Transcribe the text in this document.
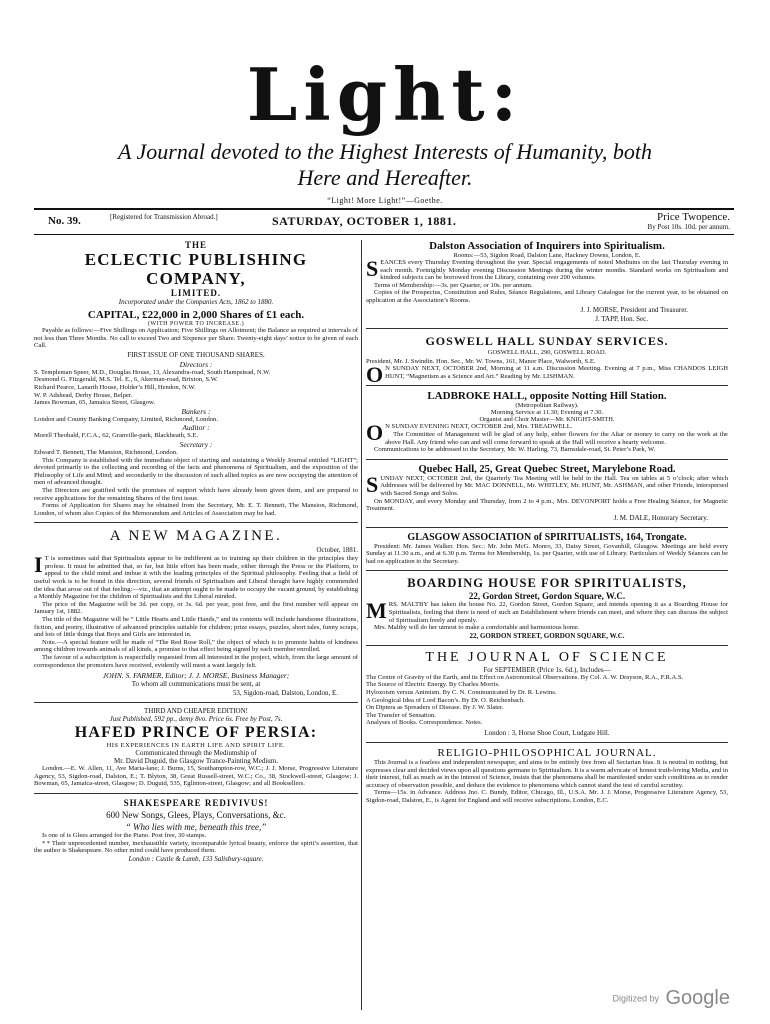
Light:
A Journal devoted to the Highest Interests of Humanity, both
Here and Hereafter.
“Light! More Light!”—Goethe.
No. 39.	[Registered for Transmission Abroad.]	SATURDAY, OCTOBER 1, 1881.	Price Twopence.
By Post 10s. 10d. per annum.
THE
ECLECTIC PUBLISHING COMPANY,
LIMITED.
Incorporated under the Companies Acts, 1862 to 1880.
CAPITAL, £22,000 in 2,000 Shares of £1 each.
(WITH POWER TO INCREASE.)

Payable as follows:—Five Shillings on Application; Five Shillings on Allotment; the Balance as required at intervals of not less than Three Months. No call to exceed Two and Sixpence per Share. Twenty-eight days’ notice to be given of each Call.

FIRST ISSUE OF ONE THOUSAND SHARES.
Directors :
S. Templeman Speer, M.D., Douglas House, 13, Alexandra-road, South Hampstead, N.W.
Desmond G. Fitzgerald, M.S. Tel. E., 6, Akerman-road, Brixton, S.W.
Richard Pearce, Lanarth House, Holder’s Hill, Hendon, N.W.
W. P. Adshead, Derby House, Belper.
James Bowman, 65, Jamaica Street, Glasgow.
Bankers :
London and County Banking Company, Limited, Richmond, London.
Auditor :
Morell Theobald, F.C.A., 62, Granville-park, Blackheath, S.E.
Secretary :
Edward T. Bennett, The Mansion, Richmond, London.

This Company is established with the immediate object of starting and sustaining a Weekly Journal entitled “LIGHT”; devoted primarily to the collecting and recording of the facts and phenomena of Spiritualism, and the exposition of the Philosophy of Life and Mind; and secondarily to the discussion of such allied topics as are now occupying the attention of men of advanced thought.

The Directors are gratified with the promises of support which have already been given them, and are prepared to receive applications for the remaining Shares of the first issue.

Forms of Application for Shares may be obtained from the Secretary, Mr. E. T. Bennett, The Mansion, Richmond, London, of whom also Copies of the Memorandum and Articles of Association may be had.

A NEW MAGAZINE.
October, 1881.

I T is sometimes said that Spiritualists appear to be indifferent as to training up their children in the principles they profess. It must be admitted that, so far, but little effort has been made, either through the Press or the Platform, to appeal to the child mind and imbue it with the leading principles of the Spiritual philosophy. Feeling that a field of useful work is to be found in this direction, several friends of Spiritualism and Liberal thought have highly commended the idea that arose out of that feeling:—viz., that an attempt ought to be made to occupy the vacant ground, by establishing a Monthly Magazine for the children of Spiritualists and the Liberal minded.

The price of the Magazine will be 3d. per copy, or 3s. 6d. per year, post free, and the first number will appear on January 1st, 1882.

The title of the Magazine will be “ Little Hearts and Little Hands,” and its contents will include handsome illustrations, fiction, and poetry, illustrative of advanced principles suitable for children; prize essays, puzzles, short tales, funny scraps, and lots of little things that Boys and Girls are interested in.

Note.—A special feature will be made of “The Red Rose Roll,” the object of which is to promote habits of kindness among children towards animals of all kinds, a promise to that effect being signed by each member enrolled.

The favour of a subscription is respectfully requested from all interested in the project, which, from the large amount of correspondence the promoters have received, evidently will meet a want largely felt.

JOHN. S. FARMER, Editor; J. J. MORSE, Business Manager;
To whom all communications must be sent, at
53, Sigdon-road, Dalston, London, E.
THIRD AND CHEAPER EDITION!
Just Published, 592 pp., demy 8vo. Price 6s. Free by Post, 7s.
HAFED PRINCE OF PERSIA:
HIS EXPERIENCES IN EARTH LIFE AND SPIRIT LIFE.
Communicated through the Mediumship of
Mr. David Duguid, the Glasgow Trance-Painting Medium.

London.—E. W. Allen, 11, Ave Maria-lane; J. Burns, 15, Southampton-row, W.C.; J. J. Morse, Progressive Literature Agency, 53, Sigdon-road, Dalston, E.; T. Blyton, 38, Great Russell-street, W.C.; Co., 38, Stockwell-street, Glasgow; J. Bowman, 65, Jamaica-street, Glasgow; D. Duguid, 535, Eglinton-street, Glasgow; and all Booksellers.

SHAKESPEARE REDIVIVUS!
600 New Songs, Glees, Plays, Conversations, &c.
“ Who lies with me, beneath this tree,”
Is one of is Glees arranged for the Piano. Post free, 30 stamps.

* * Their unprecedented number, inexhaustible variety, incomparable lyrical beauty, enforce the spirit’s assertion, that the author is Shakespeare. No other mind could have produced them.

London : Castle & Lamb, 133 Salisbury-square.
Dalston Association of Inquirers into Spiritualism.
Rooms:—53, Sigdon Road, Dalston Lane, Hackney Downs, London, E.

SEANCES every Thursday Evening throughout the year. Special engagements of noted Mediums on the last Thursday evening in each month. Fortnightly Monday evening Discussion Meetings during the winter months. Standard works on Spiritualism and kindred subjects can be borrowed from the Library, containing over 200 volumes.

Terms of Membership:—3s. per Quarter, or 10s. per annum.

Copies of the Prospectus, Constitution and Rules, Séance Regulations, and Library Catalogue for the current year, to be obtained on application at the Association’s Rooms.

J. J. MORSE, President and Treasurer.
J. TAPP, Hon. Sec.
GOSWELL HALL SUNDAY SERVICES.
GOSWELL HALL, 290, GOSWELL ROAD.

President, Mr. J. Swindin. Hon. Sec., Mr. W. Towns, 161, Manor Place, Walworth, S.E.

O N SUNDAY NEXT, OCTOBER 2nd, Morning at 11 a.m. Discussion Meeting. Evening at 7 p.m., Miss CHANDOS LEIGH HUNT, “Magnetism as a Science and Art.” Reading by Mr. LISHMAN.

LADBROKE HALL, opposite Notting Hill Station.
(Metropolitan Railway).
Morning Service at 11.30; Evening at 7.30.
Organist and Choir Master—Mr. KNIGHT-SMITH.

O N SUNDAY EVENING NEXT, OCTOBER 2nd, Mrs. TREADWELL.

The Committee of Management will be glad of any help, either flowers for the Altar or money to carry on the work at the above Hall. Any friend who can and will come forward to speak at the Hall will receive a hearty welcome.

Communications to be addressed to the Secretary, Mr. W. Harling, 73, Barnsdale-road, St. Peter’s Park, W.

Quebec Hall, 25, Great Quebec Street, Marylebone Road.

SUNDAY NEXT, OCTOBER 2nd, the Quarterly Tea Meeting will be held in the Hall. Tea on tables at 5 o’clock; after which Addresses will be delivered by Mr. MAC DONNELL, Mr. WHITLEY, Mr. HUNT, Mr. ASHMAN, and other Friends, interspersed with Sacred Songs and Solos.

On MONDAY, and every Monday and Thursday, from 2 to 4 p.m., Mrs. DEVONPORT holds a Free Healing Séance, for Magnetic Treatment.

J. M. DALE, Honorary Secretary.
GLASGOW ASSOCIATION of SPIRITUALISTS, 164, Trongate.

President: Mr. James Walker. Hon. Sec.: Mr. John McG. Monro, 33, Daisy Street, Govanhill, Glasgow. Meetings are held every Sunday at 11.30 a.m., and at 6.30 p.m. Terms for Membership, 1s. per Quarter, with use of Library. Particulars of Weekly Séances can be had on application to the Secretary.

BOARDING HOUSE FOR SPIRITUALISTS,
22, Gordon Street, Gordon Square, W.C.

MRS. MALTBY has taken the house No. 22, Gordon Street, Gordon Square, and intends opening it as a Boarding House for Spiritualists, feeling that there is need of such an Establishment where friends can meet, and where they can discuss the subject of Spiritualism freely and openly.

Mrs. Maltby will do her utmost to make a comfortable and harmonious home.

22, GORDON STREET, GORDON SQUARE, W.C.
THE JOURNAL OF SCIENCE
For SEPTEMBER (Price 1s. 6d.), Includes—
The Centre of Gravity of the Earth, and its Effect on Astronomical Observations. By Col. A. W. Drayson, R.A., F.R.A.S.
The Source of Electric Energy. By Charles Morris.
Hylozoism versus Animism. By C. N. Communicated by Dr. R. Lewins.
A Geological Idea of Lord Bacon’s. By Dr. O. Reichenbach.
On Diptera as Spreaders of Disease. By J. W. Slater.
The Transfer of Sensation.
Analyses of Books. Correspondence. Notes.
London : 3, Horse Shoe Court, Ludgate Hill.
RELIGIO-PHILOSOPHICAL JOURNAL.

This Journal is a fearless and independent newspaper, and aims to be entirely free from all Sectarian bias. It is neutral in nothing, but expresses clear and decided views upon all questions germane to Spiritualism. It is a warm advocate of honest truth-loving Media, and in their interest, full as much as in the interest of Science, insists that the phenomena shall be manifested under such conditions as to render accuracy of observation possible, and deduce the evidence to phenomena which cannot stand the test of careful scrutiny.

Terms—15s. in Advance. Address Jno. C. Bundy, Editor, Chicago, Ill., U.S.A. Mr. J. J. Morse, Progressive Literature Agency, 53, Sigdon-road, Dalston, E., is Agent for England and will receive subscriptions. London, E.C.

Digitized by Google
